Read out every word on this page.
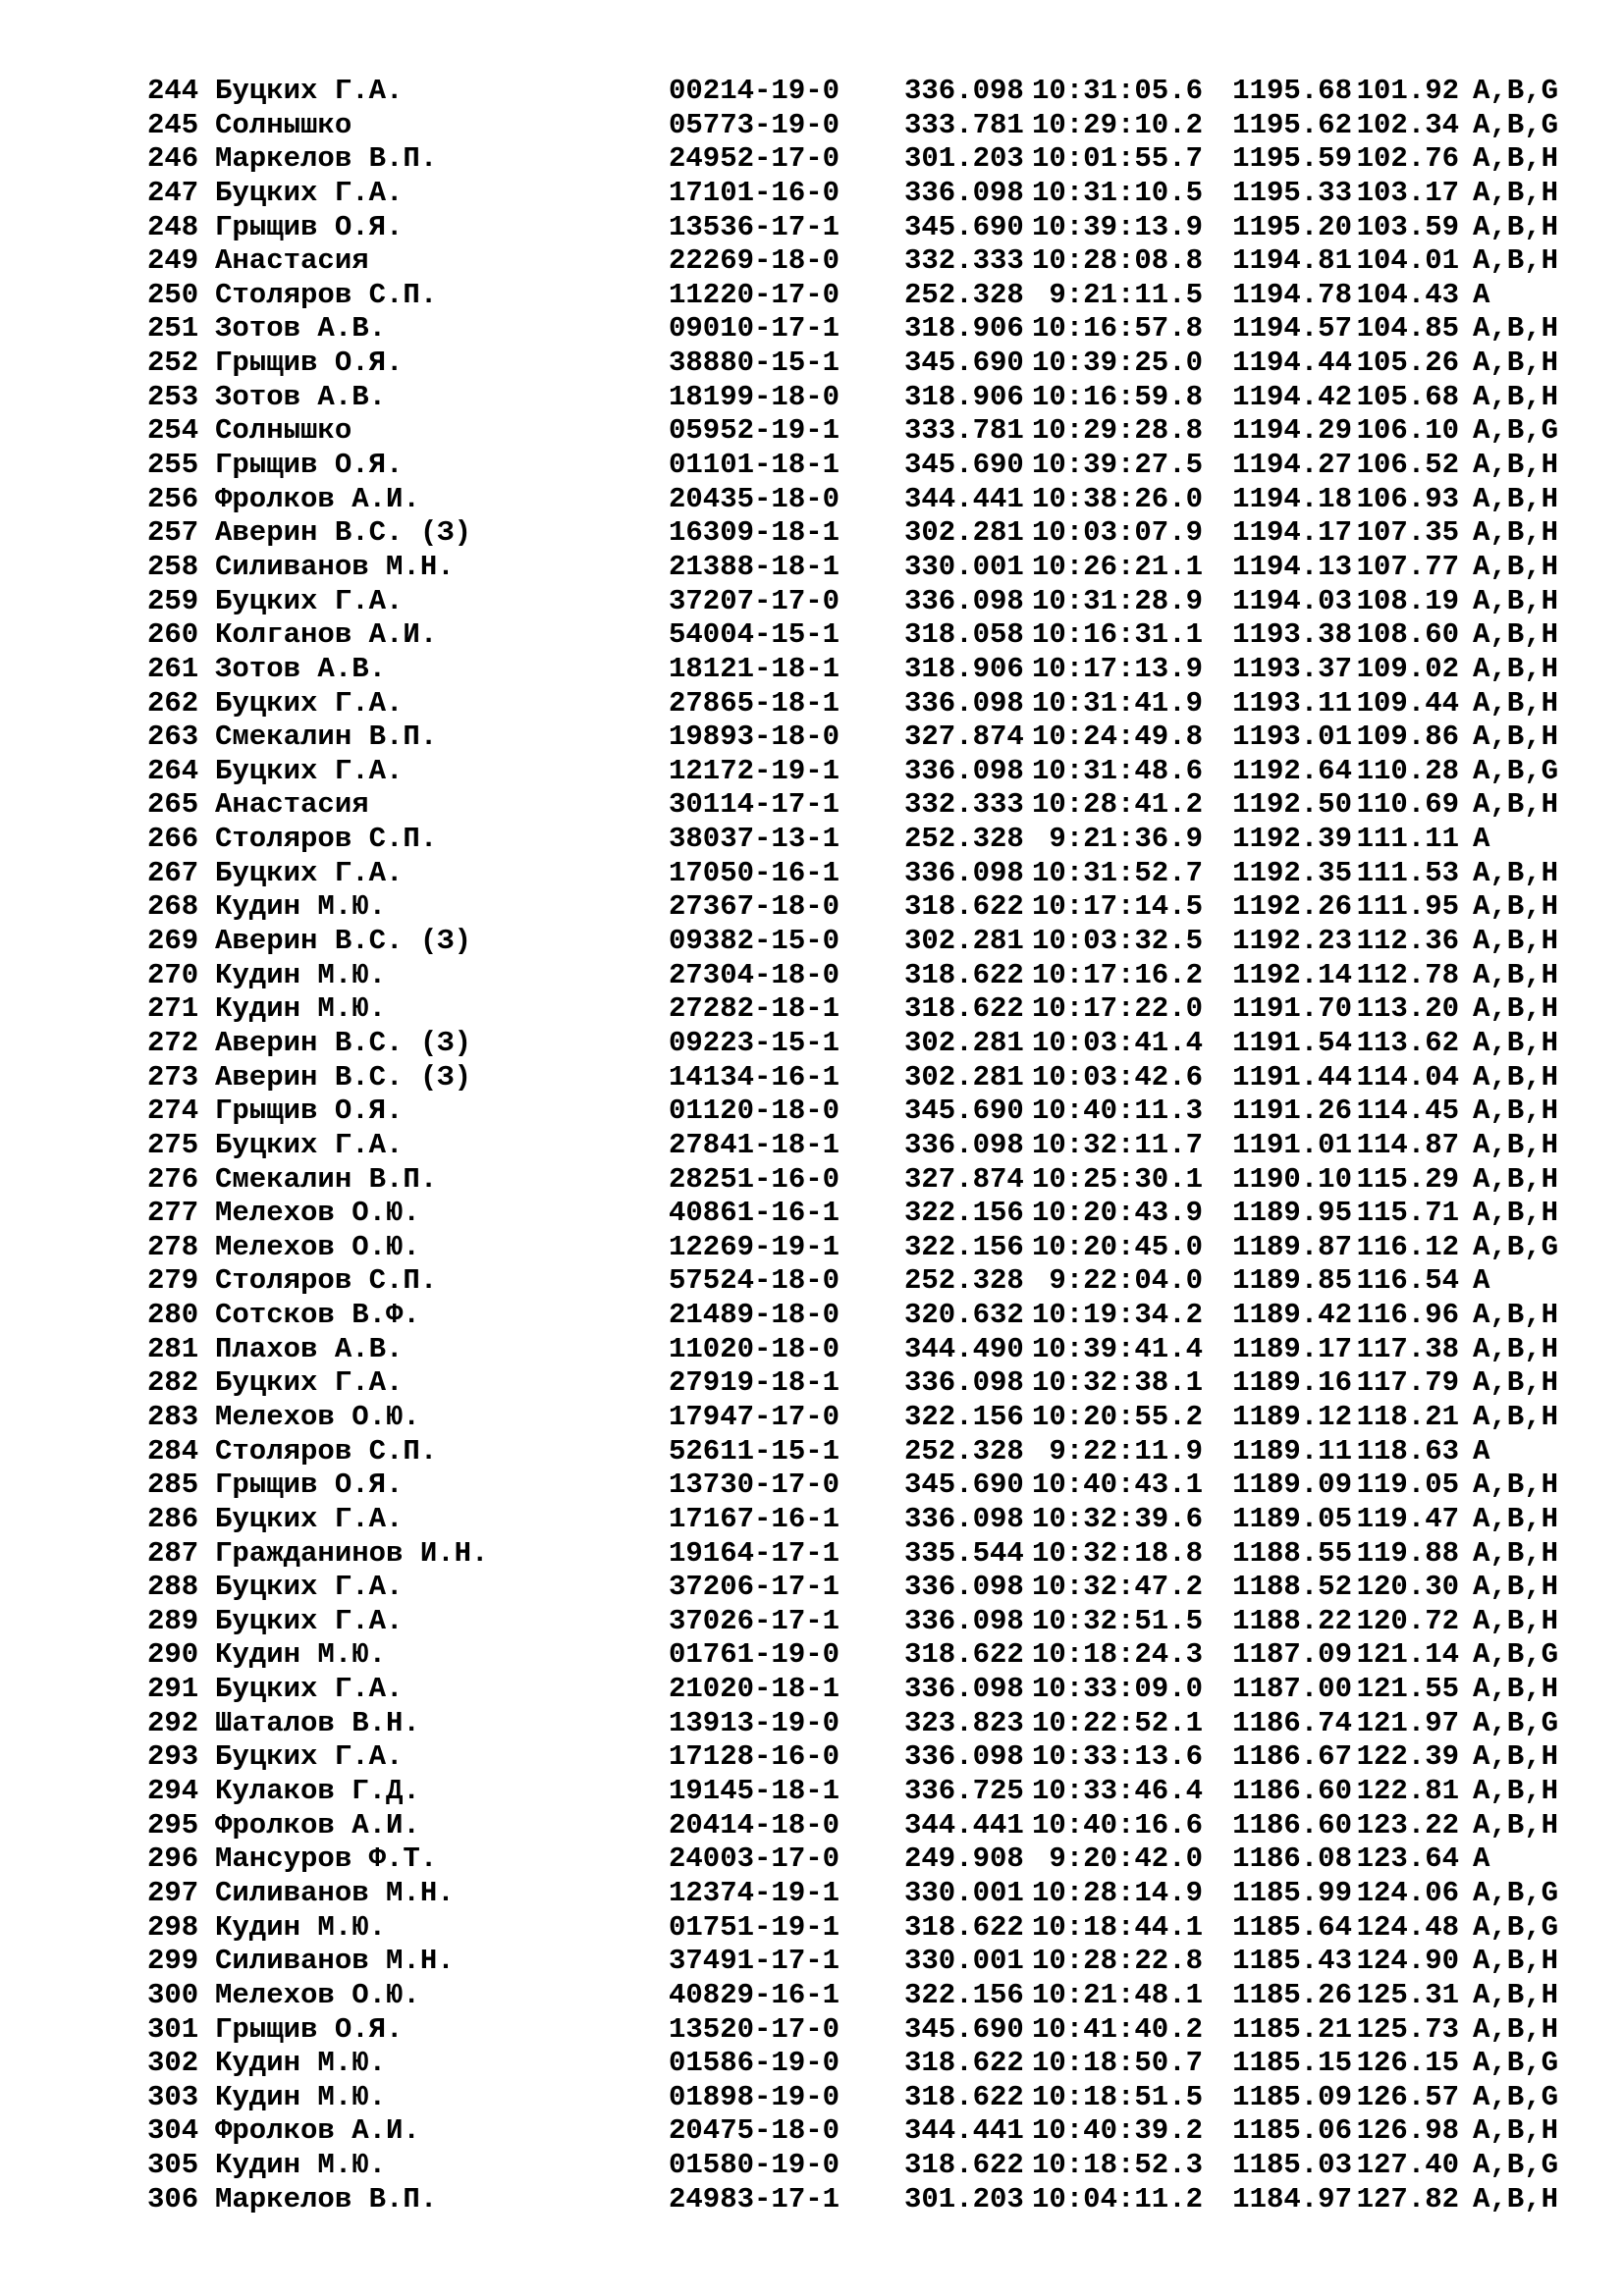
244 Буцких Г.А.	00214-19-0 336.098 10:31:05.6 1195.68 101.92 A,B,G
245 Солнышко	05773-19-0 333.781 10:29:10.2 1195.62 102.34 A,B,G
246 Маркелов В.П.	24952-17-0 301.203 10:01:55.7 1195.59 102.76 A,B,H
247 Буцких Г.А.	17101-16-0 336.098 10:31:10.5 1195.33 103.17 A,B,H
248 Грыщив О.Я.	13536-17-1 345.690 10:39:13.9 1195.20 103.59 A,B,H
249 Анастасия	22269-18-0 332.333 10:28:08.8 1194.81 104.01 A,B,H
250 Столяров С.П.	11220-17-0 252.328 9:21:11.5 1194.78 104.43 A
251 Зотов А.В.	09010-17-1 318.906 10:16:57.8 1194.57 104.85 A,B,H
252 Грыщив О.Я.	38880-15-1 345.690 10:39:25.0 1194.44 105.26 A,B,H
253 Зотов А.В.	18199-18-0 318.906 10:16:59.8 1194.42 105.68 A,B,H
254 Солнышко	05952-19-1 333.781 10:29:28.8 1194.29 106.10 A,B,G
255 Грыщив О.Я.	01101-18-1 345.690 10:39:27.5 1194.27 106.52 A,B,H
256 Фролков А.И.	20435-18-0 344.441 10:38:26.0 1194.18 106.93 A,B,H
257 Аверин В.С. (З)	16309-18-1 302.281 10:03:07.9 1194.17 107.35 A,B,H
258 Силиванов М.Н.	21388-18-1 330.001 10:26:21.1 1194.13 107.77 A,B,H
259 Буцких Г.А.	37207-17-0 336.098 10:31:28.9 1194.03 108.19 A,B,H
260 Колганов А.И.	54004-15-1 318.058 10:16:31.1 1193.38 108.60 A,B,H
261 Зотов А.В.	18121-18-1 318.906 10:17:13.9 1193.37 109.02 A,B,H
262 Буцких Г.А.	27865-18-1 336.098 10:31:41.9 1193.11 109.44 A,B,H
263 Смекалин В.П.	19893-18-0 327.874 10:24:49.8 1193.01 109.86 A,B,H
264 Буцких Г.А.	12172-19-1 336.098 10:31:48.6 1192.64 110.28 A,B,G
265 Анастасия	30114-17-1 332.333 10:28:41.2 1192.50 110.69 A,B,H
266 Столяров С.П.	38037-13-1 252.328 9:21:36.9 1192.39 111.11 A
267 Буцких Г.А.	17050-16-1 336.098 10:31:52.7 1192.35 111.53 A,B,H
268 Кудин М.Ю.	27367-18-0 318.622 10:17:14.5 1192.26 111.95 A,B,H
269 Аверин В.С. (З)	09382-15-0 302.281 10:03:32.5 1192.23 112.36 A,B,H
270 Кудин М.Ю.	27304-18-0 318.622 10:17:16.2 1192.14 112.78 A,B,H
271 Кудин М.Ю.	27282-18-1 318.622 10:17:22.0 1191.70 113.20 A,B,H
272 Аверин В.С. (З)	09223-15-1 302.281 10:03:41.4 1191.54 113.62 A,B,H
273 Аверин В.С. (З)	14134-16-1 302.281 10:03:42.6 1191.44 114.04 A,B,H
274 Грыщив О.Я.	01120-18-0 345.690 10:40:11.3 1191.26 114.45 A,B,H
275 Буцких Г.А.	27841-18-1 336.098 10:32:11.7 1191.01 114.87 A,B,H
276 Смекалин В.П.	28251-16-0 327.874 10:25:30.1 1190.10 115.29 A,B,H
277 Мелехов О.Ю.	40861-16-1 322.156 10:20:43.9 1189.95 115.71 A,B,H
278 Мелехов О.Ю.	12269-19-1 322.156 10:20:45.0 1189.87 116.12 A,B,G
279 Столяров С.П.	57524-18-0 252.328 9:22:04.0 1189.85 116.54 A
280 Сотсков В.Ф.	21489-18-0 320.632 10:19:34.2 1189.42 116.96 A,B,H
281 Плахов А.В.	11020-18-0 344.490 10:39:41.4 1189.17 117.38 A,B,H
282 Буцких Г.А.	27919-18-1 336.098 10:32:38.1 1189.16 117.79 A,B,H
283 Мелехов О.Ю.	17947-17-0 322.156 10:20:55.2 1189.12 118.21 A,B,H
284 Столяров С.П.	52611-15-1 252.328 9:22:11.9 1189.11 118.63 A
285 Грыщив О.Я.	13730-17-0 345.690 10:40:43.1 1189.09 119.05 A,B,H
286 Буцких Г.А.	17167-16-1 336.098 10:32:39.6 1189.05 119.47 A,B,H
287 Гражданинов И.Н.	19164-17-1 335.544 10:32:18.8 1188.55 119.88 A,B,H
288 Буцких Г.А.	37206-17-1 336.098 10:32:47.2 1188.52 120.30 A,B,H
289 Буцких Г.А.	37026-17-1 336.098 10:32:51.5 1188.22 120.72 A,B,H
290 Кудин М.Ю.	01761-19-0 318.622 10:18:24.3 1187.09 121.14 A,B,G
291 Буцких Г.А.	21020-18-1 336.098 10:33:09.0 1187.00 121.55 A,B,H
292 Шаталов В.Н.	13913-19-0 323.823 10:22:52.1 1186.74 121.97 A,B,G
293 Буцких Г.А.	17128-16-0 336.098 10:33:13.6 1186.67 122.39 A,B,H
294 Кулаков Г.Д.	19145-18-1 336.725 10:33:46.4 1186.60 122.81 A,B,H
295 Фролков А.И.	20414-18-0 344.441 10:40:16.6 1186.60 123.22 A,B,H
296 Мансуров Ф.Т.	24003-17-0 249.908 9:20:42.0 1186.08 123.64 A
297 Силиванов М.Н.	12374-19-1 330.001 10:28:14.9 1185.99 124.06 A,B,G
298 Кудин М.Ю.	01751-19-1 318.622 10:18:44.1 1185.64 124.48 A,B,G
299 Силиванов М.Н.	37491-17-1 330.001 10:28:22.8 1185.43 124.90 A,B,H
300 Мелехов О.Ю.	40829-16-1 322.156 10:21:48.1 1185.26 125.31 A,B,H
301 Грыщив О.Я.	13520-17-0 345.690 10:41:40.2 1185.21 125.73 A,B,H
302 Кудин М.Ю.	01586-19-0 318.622 10:18:50.7 1185.15 126.15 A,B,G
303 Кудин М.Ю.	01898-19-0 318.622 10:18:51.5 1185.09 126.57 A,B,G
304 Фролков А.И.	20475-18-0 344.441 10:40:39.2 1185.06 126.98 A,B,H
305 Кудин М.Ю.	01580-19-0 318.622 10:18:52.3 1185.03 127.40 A,B,G
306 Маркелов В.П.	24983-17-1 301.203 10:04:11.2 1184.97 127.82 A,B,H
